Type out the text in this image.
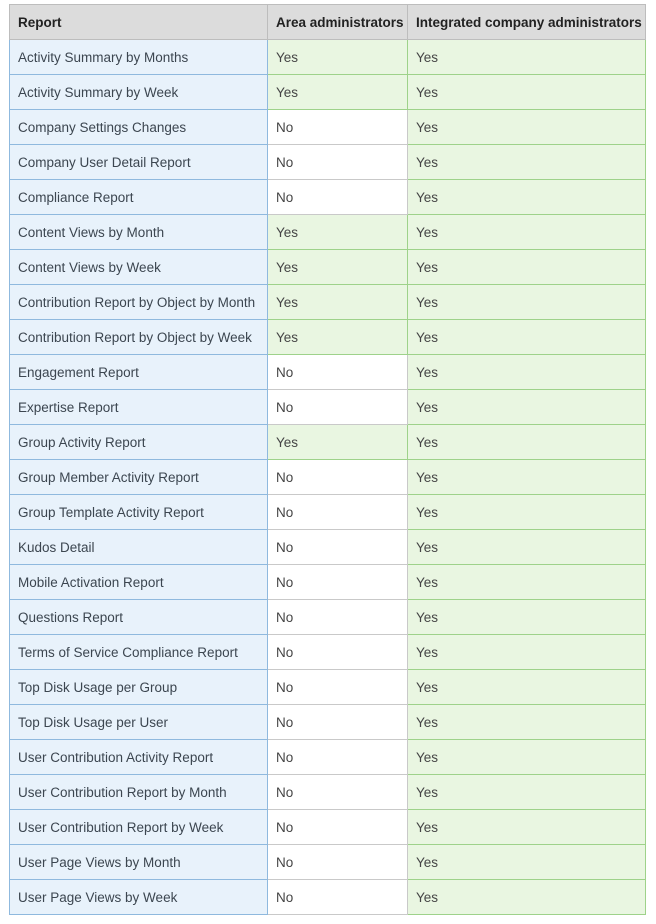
Report	Area administrators	Integrated company administrators
Activity Summary by Months	Yes	Yes
Activity Summary by Week	Yes	Yes
Company Settings Changes	No	Yes
Company User Detail Report	No	Yes
Compliance Report	No	Yes
Content Views by Month	Yes	Yes
Content Views by Week	Yes	Yes
Contribution Report by Object by Month	Yes	Yes
Contribution Report by Object by Week	Yes	Yes
Engagement Report	No	Yes
Expertise Report	No	Yes
Group Activity Report	Yes	Yes
Group Member Activity Report	No	Yes
Group Template Activity Report	No	Yes
Kudos Detail	No	Yes
Mobile Activation Report	No	Yes
Questions Report	No	Yes
Terms of Service Compliance Report	No	Yes
Top Disk Usage per Group	No	Yes
Top Disk Usage per User	No	Yes
User Contribution Activity Report	No	Yes
User Contribution Report by Month	No	Yes
User Contribution Report by Week	No	Yes
User Page Views by Month	No	Yes
User Page Views by Week	No	Yes
